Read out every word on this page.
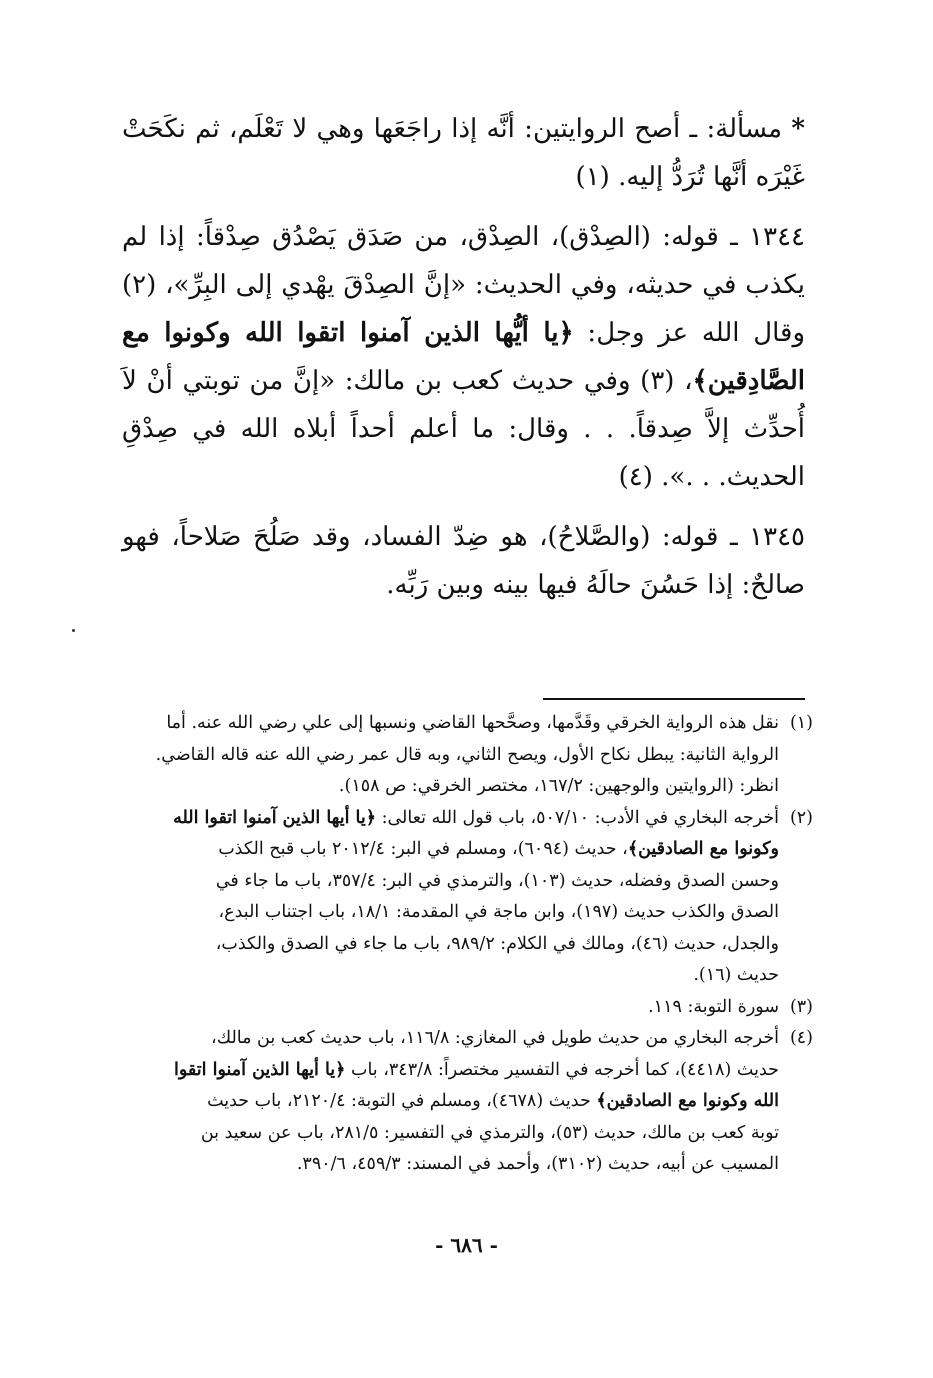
* مسألة: ـ أصح الروايتين: أنَّه إذا راجَعَها وهي لا تَعْلَم، ثم نكَحَتْ غَيْرَه أنَّها تُرَدُّ إليه. (١)

١٣٤٤ ـ قوله: (الصِدْق)، الصِدْق، من صَدَق يَصْدُق صِدْقاً: إذا لم يكذب في حديثه، وفي الحديث: «إنَّ الصِدْقَ يهْدي إلى البِرِّ»، (٢) وقال الله عز وجل: ﴿يا أيُّها الذين آمنوا اتقوا الله وكونوا مع الصَّادِقين﴾، (٣) وفي حديث كعب بن مالك: «إنَّ من توبتي أنْ لاَ أُحدِّث إلاَّ صِدقاً. . . وقال: ما أعلم أحداً أبلاه الله في صِدْقِ الحديث. . .». (٤)

١٣٤٥ ـ قوله: (والصَّلاحُ)، هو ضِدّ الفساد، وقد صَلُحَ صَلاحاً، فهو صالحٌ: إذا حَسُنَ حالَهُ فيها بينه وبين رَبِّه.

(١)
نقل هذه الرواية الخرقي وقَدَّمها، وصحَّحها القاضي ونسبها إلى علي رضي الله عنه. أما
الرواية الثانية: يبطل نكاح الأول، ويصح الثاني، وبه قال عمر رضي الله عنه قاله القاضي.
انظر: (الروايتين والوجهين: ١٦٧/٢، مختصر الخرقي: ص ١٥٨).
(٢)
أخرجه البخاري في الأدب: ٥٠٧/١٠، باب قول الله تعالى: ﴿يا أيها الذين آمنوا اتقوا الله
وكونوا مع الصادقين﴾، حديث (٦٠٩٤)، ومسلم في البر: ٢٠١٢/٤ باب قبح الكذب
وحسن الصدق وفضله، حديث (١٠٣)، والترمذي في البر: ٣٥٧/٤، باب ما جاء في
الصدق والكذب حديث (١٩٧)، وابن ماجة في المقدمة: ١٨/١، باب اجتناب البدع،
والجدل، حديث (٤٦)، ومالك في الكلام: ٩٨٩/٢، باب ما جاء في الصدق والكذب،
حديث (١٦).
(٣)
سورة التوبة: ١١٩.
(٤)
أخرجه البخاري من حديث طويل في المغازي: ١١٦/٨، باب حديث كعب بن مالك،
حديث (٤٤١٨)، كما أخرجه في التفسير مختصراً: ٣٤٣/٨، باب ﴿يا أيها الذين آمنوا اتقوا
الله وكونوا مع الصادقين﴾ حديث (٤٦٧٨)، ومسلم في التوبة: ٢١٢٠/٤، باب حديث
توبة كعب بن مالك، حديث (٥٣)، والترمذي في التفسير: ٢٨١/٥، باب عن سعيد بن
المسيب عن أبيه، حديث (٣١٠٢)، وأحمد في المسند: ٤٥٩/٣، ٣٩٠/٦.
- ٦٨٦ -
